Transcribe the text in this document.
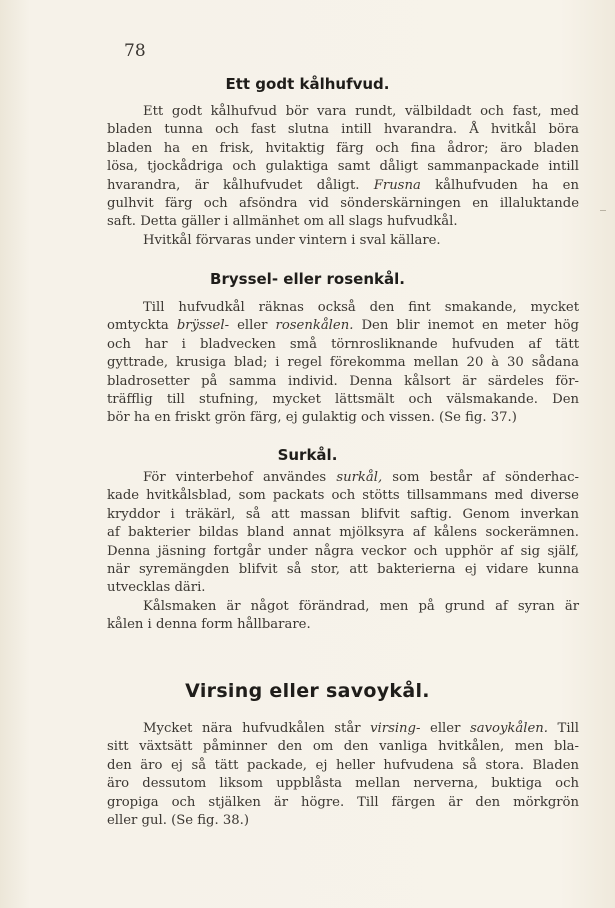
78
Ett godt kålhufvud.
Ett godt kålhufvud bör vara rundt, välbildadt och fast, med
bladen tunna och fast slutna intill hvarandra. Å hvitkål böra
bladen ha en frisk, hvitaktig färg och fina ådror; äro bladen
lösa, tjockådriga och gulaktiga samt dåligt sammanpackade intill
hvarandra, är kålhufvudet dåligt. Frusna kålhufvuden ha en
gulhvit färg och afsöndra vid sönderskärningen en illaluktande
saft. Detta gäller i allmänhet om all slags hufvudkål.
Hvitkål förvaras under vintern i sval källare.
Bryssel- eller rosenkål.
Till hufvudkål räknas också den fint smakande, mycket
omtyckta brÿssel- eller rosenkålen. Den blir inemot en meter hög
och har i bladvecken små törnrosliknande hufvuden af tätt
gyttrade, krusiga blad; i regel förekomma mellan 20 à 30 sådana
bladrosetter på samma individ. Denna kålsort är särdeles för-
träfflig till stufning, mycket lättsmält och välsmakande. Den
bör ha en friskt grön färg, ej gulaktig och vissen. (Se fig. 37.)
Surkål.
För vinterbehof användes surkål, som består af sönderhac-
kade hvitkålsblad, som packats och stötts tillsammans med diverse
kryddor i träkärl, så att massan blifvit saftig. Genom inverkan
af bakterier bildas bland annat mjölksyra af kålens sockerämnen.
Denna jäsning fortgår under några veckor och upphör af sig själf,
när syremängden blifvit så stor, att bakterierna ej vidare kunna
utvecklas däri.
Kålsmaken är något förändrad, men på grund af syran är
kålen i denna form hållbarare.
Virsing eller savoykål.
Mycket nära hufvudkålen står virsing- eller savoykålen. Till
sitt växtsätt påminner den om den vanliga hvitkålen, men bla-
den äro ej så tätt packade, ej heller hufvudena så stora. Bladen
äro dessutom liksom uppblåsta mellan nerverna, buktiga och
gropiga och stjälken är högre. Till färgen är den mörkgrön
eller gul. (Se fig. 38.)
